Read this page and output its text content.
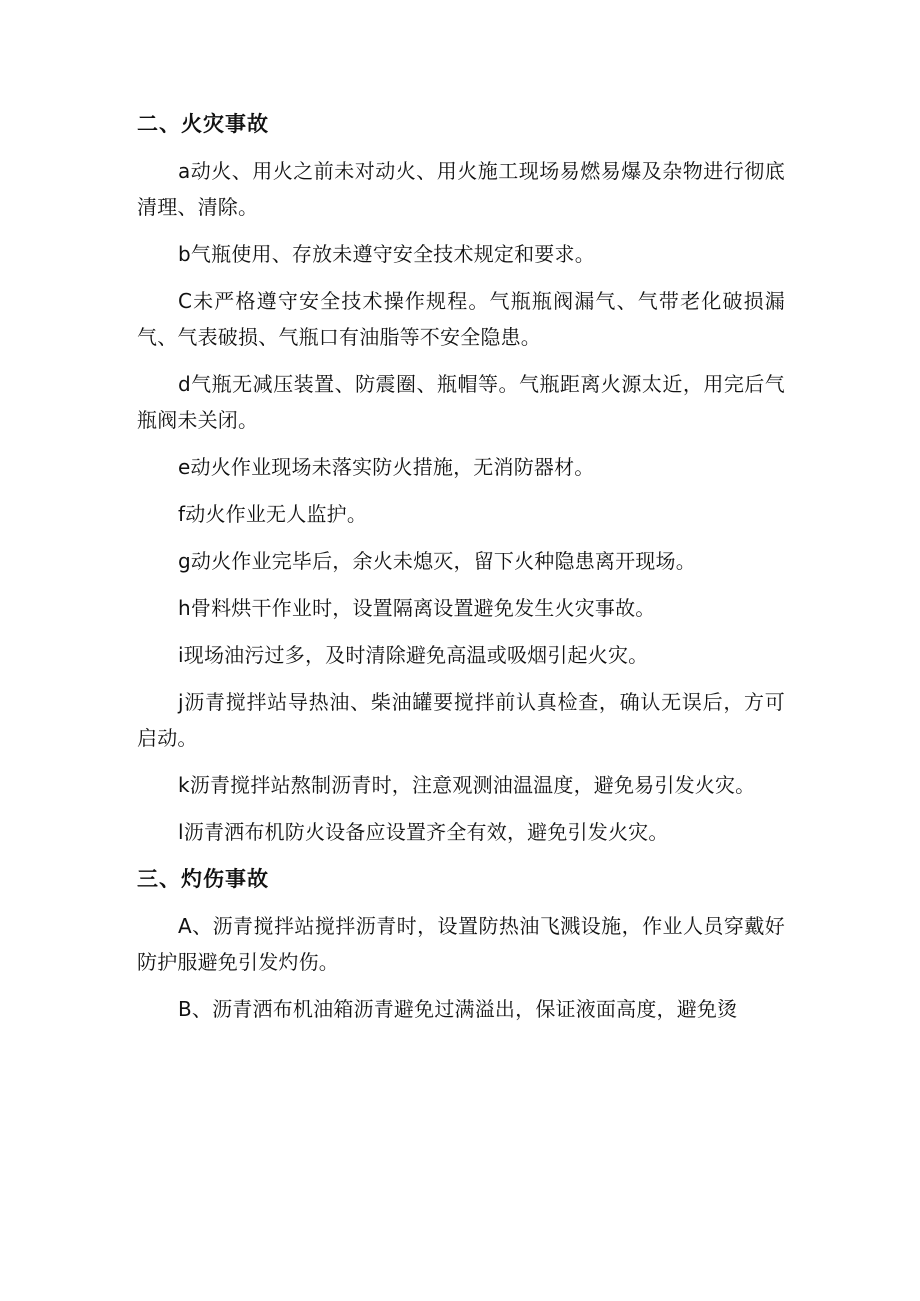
二、火灾事故

a动火、用火之前未对动火、用火施工现场易燃易爆及杂物进行彻底清理、清除。

b气瓶使用、存放未遵守安全技术规定和要求。

C未严格遵守安全技术操作规程。气瓶瓶阀漏气、气带老化破损漏气、气表破损、气瓶口有油脂等不安全隐患。

d气瓶无减压装置、防震圈、瓶帽等。气瓶距离火源太近，用完后气瓶阀未关闭。

e动火作业现场未落实防火措施，无消防器材。

f动火作业无人监护。

g动火作业完毕后，余火未熄灭，留下火种隐患离开现场。

h骨料烘干作业时，设置隔离设置避免发生火灾事故。

i现场油污过多，及时清除避免高温或吸烟引起火灾。

j沥青搅拌站导热油、柴油罐要搅拌前认真检查，确认无误后，方可启动。

k沥青搅拌站熬制沥青时，注意观测油温温度，避免易引发火灾。

l沥青洒布机防火设备应设置齐全有效，避免引发火灾。

三、灼伤事故

A、沥青搅拌站搅拌沥青时，设置防热油飞溅设施，作业人员穿戴好防护服避免引发灼伤。

B、沥青洒布机油箱沥青避免过满溢出，保证液面高度，避免烫
